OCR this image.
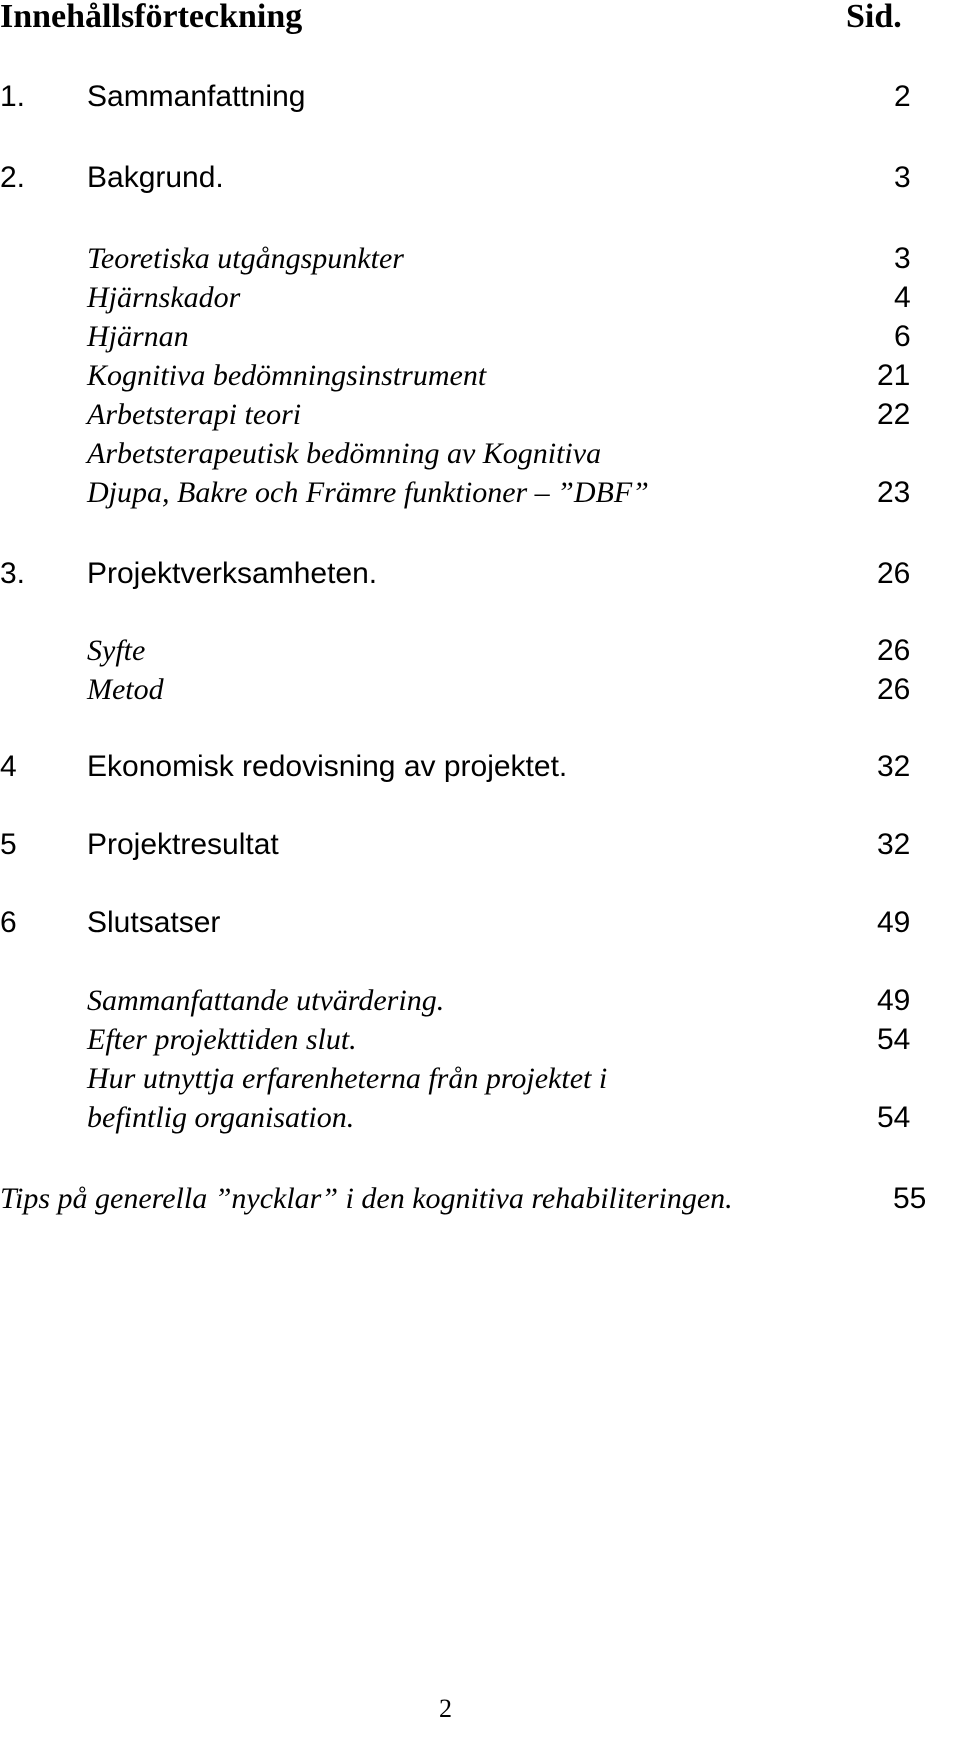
Innehållsförteckning	Sid.
1. Sammanfattning	2
2. Bakgrund.	3
Teoretiska utgångspunkter	3
Hjärnskador	4
Hjärnan	6
Kognitiva bedömningsinstrument	21
Arbetsterapi teori	22
Arbetsterapeutisk bedömning av Kognitiva
Djupa, Bakre och Främre funktioner – ”DBF”	23
3. Projektverksamheten.	26
Syfte	26
Metod	26
4 Ekonomisk redovisning av projektet.	32
5 Projektresultat	32
6 Slutsatser	49
Sammanfattande utvärdering.	49
Efter projekttiden slut.	54
Hur utnyttja erfarenheterna från projektet i
befintlig organisation.	54
Tips på generella ”nycklar” i den kognitiva rehabiliteringen.	55
2
